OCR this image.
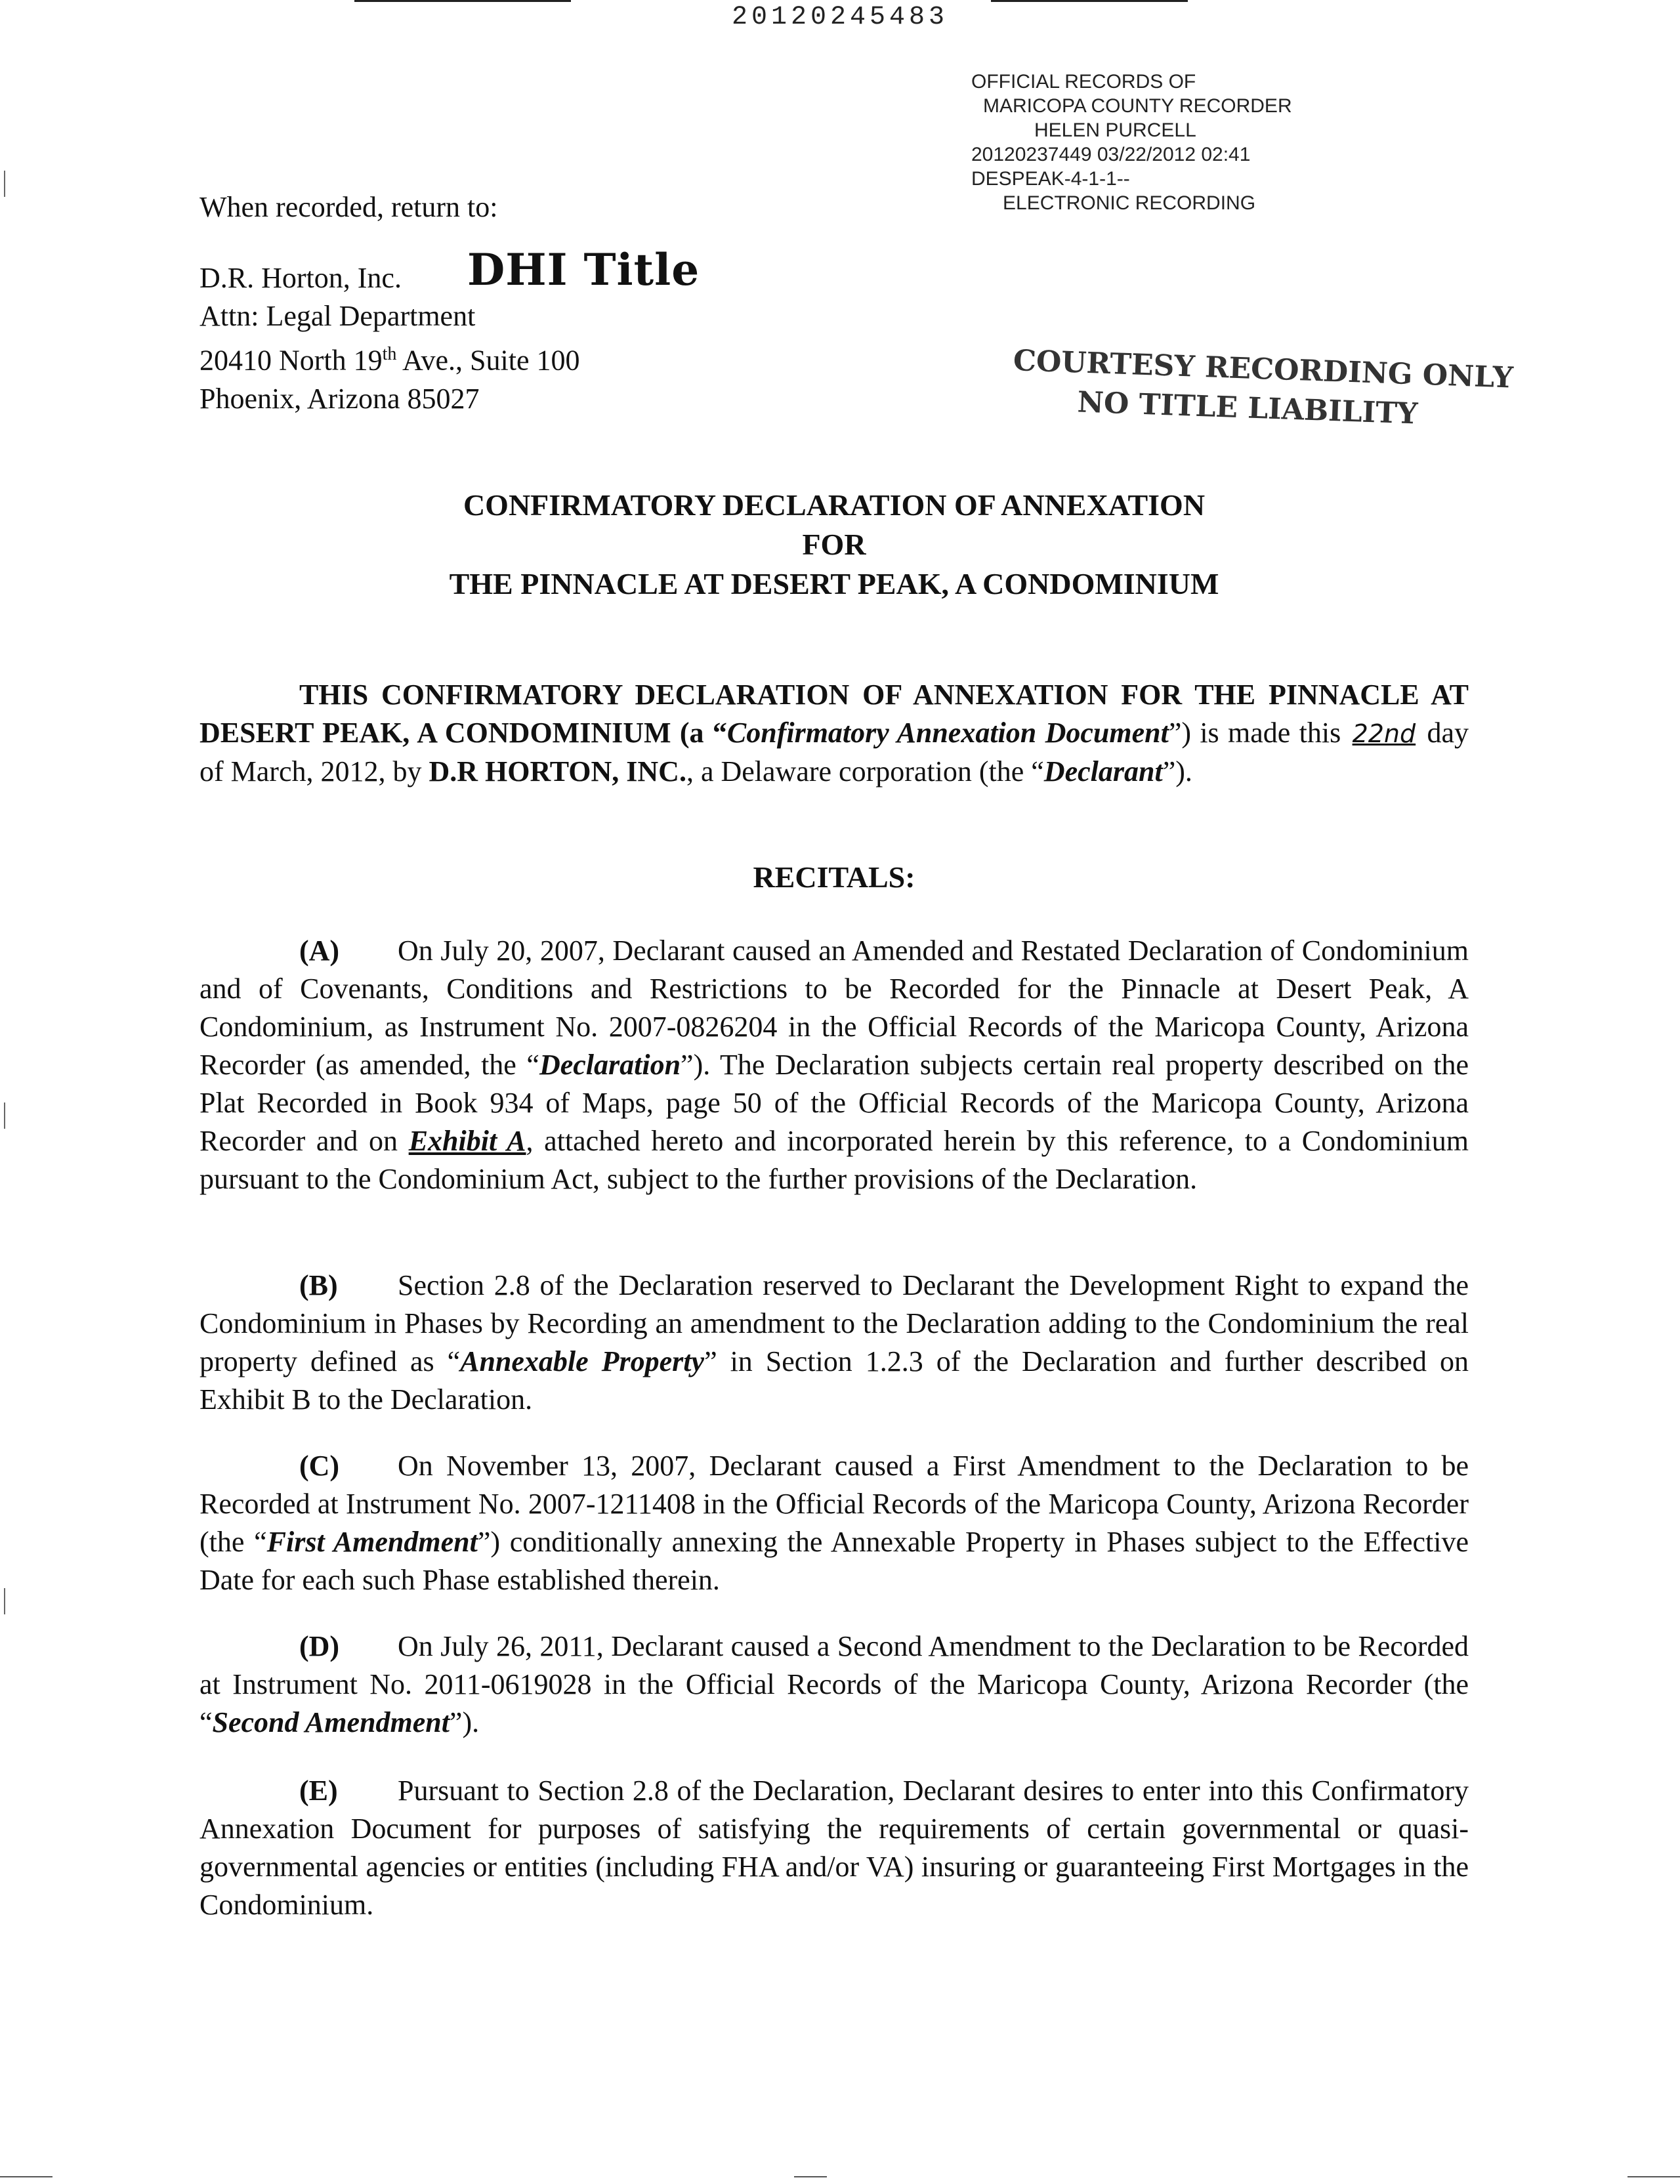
20120245483
OFFICIAL RECORDS OF
MARICOPA COUNTY RECORDER
HELEN PURCELL
20120237449 03/22/2012 02:41
DESPEAK-4-1-1--
ELECTRONIC RECORDING
When recorded, return to:
D.R. Horton, Inc.
Attn: Legal Department
20410 North 19th Ave., Suite 100
Phoenix, Arizona 85027
DHI Title
COURTESY RECORDING ONLY
NO TITLE LIABILITY
CONFIRMATORY DECLARATION OF ANNEXATION
FOR
THE PINNACLE AT DESERT PEAK, A CONDOMINIUM
THIS CONFIRMATORY DECLARATION OF ANNEXATION FOR THE PINNACLE AT DESERT PEAK, A CONDOMINIUM (a “Confirmatory Annexation Document”) is made this 22nd day of March, 2012, by D.R HORTON, INC., a Delaware corporation (the “Declarant”).
RECITALS:
(A) On July 20, 2007, Declarant caused an Amended and Restated Declaration of Condominium and of Covenants, Conditions and Restrictions to be Recorded for the Pinnacle at Desert Peak, A Condominium, as Instrument No. 2007-0826204 in the Official Records of the Maricopa County, Arizona Recorder (as amended, the “Declaration”). The Declaration subjects certain real property described on the Plat Recorded in Book 934 of Maps, page 50 of the Official Records of the Maricopa County, Arizona Recorder and on Exhibit A, attached hereto and incorporated herein by this reference, to a Condominium pursuant to the Condominium Act, subject to the further provisions of the Declaration.
(B) Section 2.8 of the Declaration reserved to Declarant the Development Right to expand the Condominium in Phases by Recording an amendment to the Declaration adding to the Condominium the real property defined as “Annexable Property” in Section 1.2.3 of the Declaration and further described on Exhibit B to the Declaration.
(C) On November 13, 2007, Declarant caused a First Amendment to the Declaration to be Recorded at Instrument No. 2007-1211408 in the Official Records of the Maricopa County, Arizona Recorder (the “First Amendment”) conditionally annexing the Annexable Property in Phases subject to the Effective Date for each such Phase established therein.
(D) On July 26, 2011, Declarant caused a Second Amendment to the Declaration to be Recorded at Instrument No. 2011-0619028 in the Official Records of the Maricopa County, Arizona Recorder (the “Second Amendment”).
(E) Pursuant to Section 2.8 of the Declaration, Declarant desires to enter into this Confirmatory Annexation Document for purposes of satisfying the requirements of certain governmental or quasi-governmental agencies or entities (including FHA and/or VA) insuring or guaranteeing First Mortgages in the Condominium.
